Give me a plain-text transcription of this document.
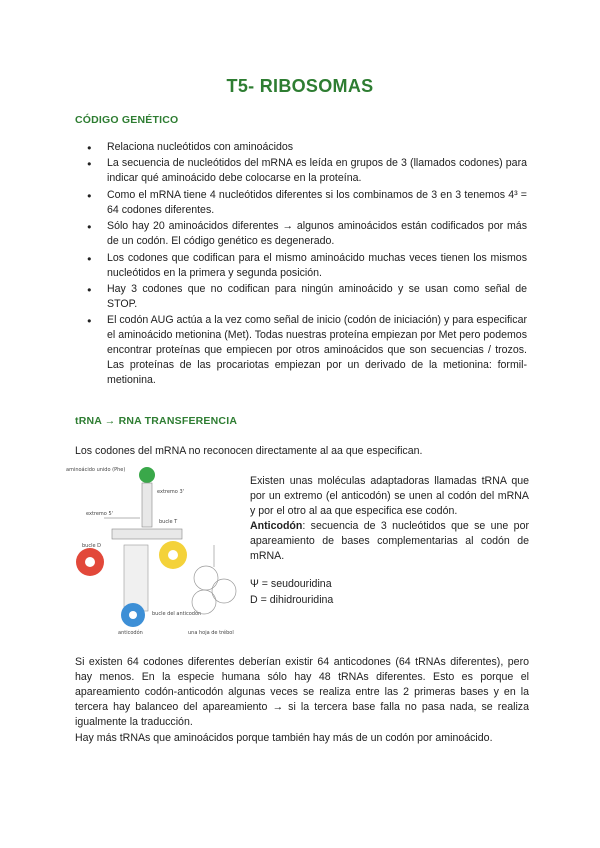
T5- RIBOSOMAS
CÓDIGO GENÉTICO
● Relaciona nucleótidos con aminoácidos
● La secuencia de nucleótidos del mRNA es leída en grupos de 3 (llamados codones) para indicar qué aminoácido debe colocarse en la proteína.
● Como el mRNA tiene 4 nucleótidos diferentes si los combinamos de 3 en 3 tenemos 4³ = 64 codones diferentes.
● Sólo hay 20 aminoácidos diferentes → algunos aminoácidos están codificados por más de un codón. El código genético es degenerado.
● Los codones que codifican para el mismo aminoácido muchas veces tienen los mismos nucleótidos en la primera y segunda posición.
● Hay 3 codones que no codifican para ningún aminoácido y se usan como señal de STOP.
● El codón AUG actúa a la vez como señal de inicio (codón de iniciación) y para especificar el aminoácido metionina (Met). Todas nuestras proteína empiezan por Met pero podemos encontrar proteínas que empiecen por otros aminoácidos que son secuencias / trozos. Las proteínas de las procariotas empiezan por un derivado de la metionina: formil-metionina.
tRNA → RNA TRANSFERENCIA

Los codones del mRNA no reconocen directamente al aa que especifican.

aminoácido unido (Phe)
extremo 3'
extremo 5'
bucle T
bucle D
bucle del anticodón
anticodón	una hoja de trébol

Existen unas moléculas adaptadoras llamadas tRNA que por un extremo (el anticodón) se unen al codón del mRNA y por el otro al aa que especifica ese codón.
Anticodón: secuencia de 3 nucleótidos que se une por apareamiento de bases complementarias al codón de mRNA.

Ψ = seudouridina

D = dihidrouridina

Si existen 64 codones diferentes deberían existir 64 anticodones (64 tRNAs diferentes), pero hay menos. En la especie humana sólo hay 48 tRNAs diferentes. Esto es porque el apareamiento codón-anticodón algunas veces se realiza entre las 2 primeras bases y en la tercera hay balanceo del apareamiento → si la tercera base falla no pasa nada, se realiza igualmente la traducción.

Hay más tRNAs que aminoácidos porque también hay más de un codón por aminoácido.
